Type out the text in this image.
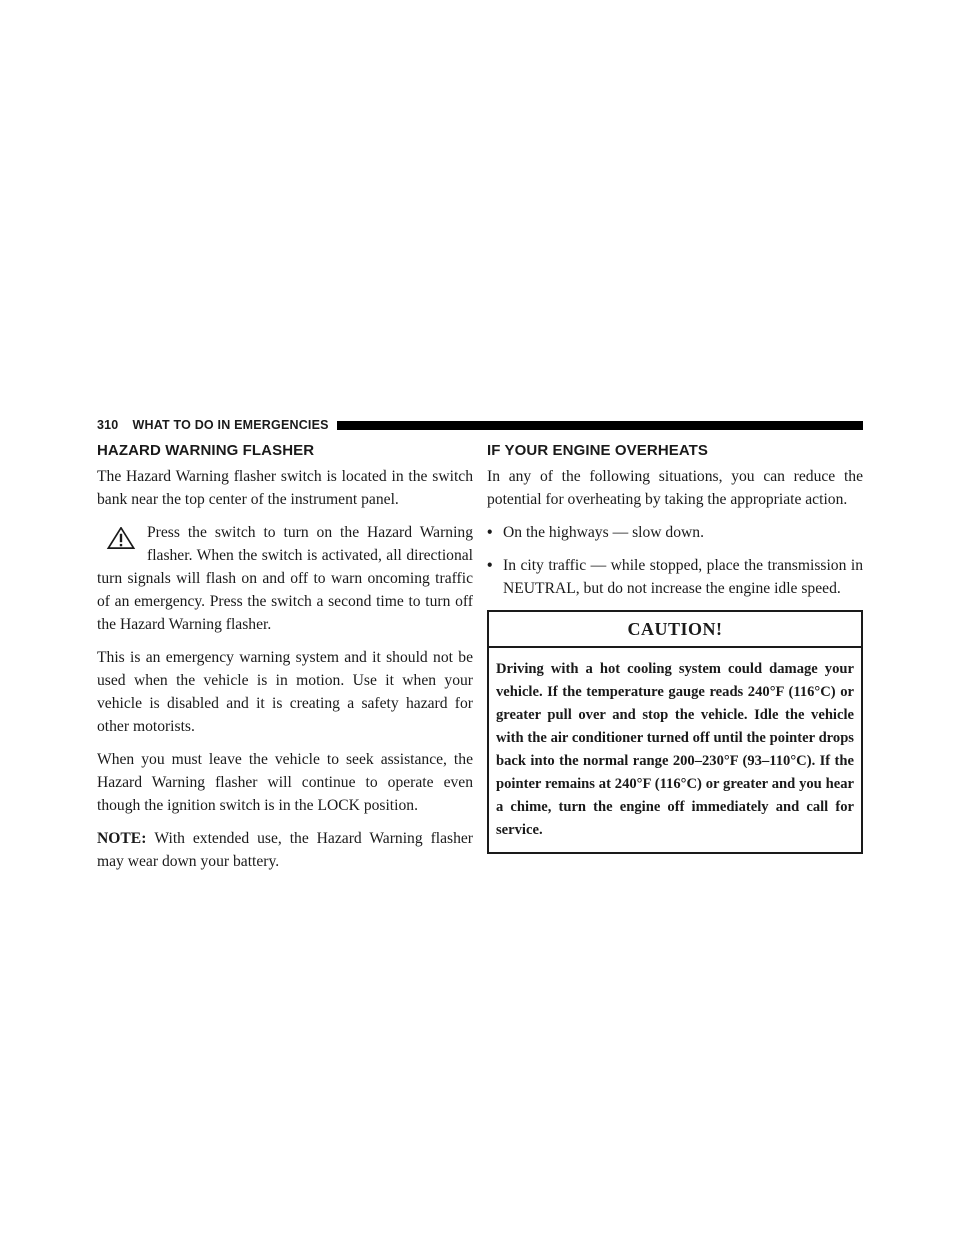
310 WHAT TO DO IN EMERGENCIES
HAZARD WARNING FLASHER

The Hazard Warning flasher switch is located in the switch bank near the top center of the instrument panel.

Press the switch to turn on the Hazard Warning flasher. When the switch is activated, all directional turn signals will flash on and off to warn oncoming traffic of an emergency. Press the switch a second time to turn off the Hazard Warning flasher.

This is an emergency warning system and it should not be used when the vehicle is in motion. Use it when your vehicle is disabled and it is creating a safety hazard for other motorists.

When you must leave the vehicle to seek assistance, the Hazard Warning flasher will continue to operate even though the ignition switch is in the LOCK position.

NOTE: With extended use, the Hazard Warning flasher may wear down your battery.

IF YOUR ENGINE OVERHEATS

In any of the following situations, you can reduce the potential for overheating by taking the appropriate action.

• On the highways — slow down.
• In city traffic — while stopped, place the transmission in NEUTRAL, but do not increase the engine idle speed.
CAUTION!

Driving with a hot cooling system could damage your vehicle. If the temperature gauge reads 240°F (116°C) or greater pull over and stop the vehicle. Idle the vehicle with the air conditioner turned off until the pointer drops back into the normal range 200–230°F (93–110°C). If the pointer remains at 240°F (116°C) or greater and you hear a chime, turn the engine off immediately and call for service.
